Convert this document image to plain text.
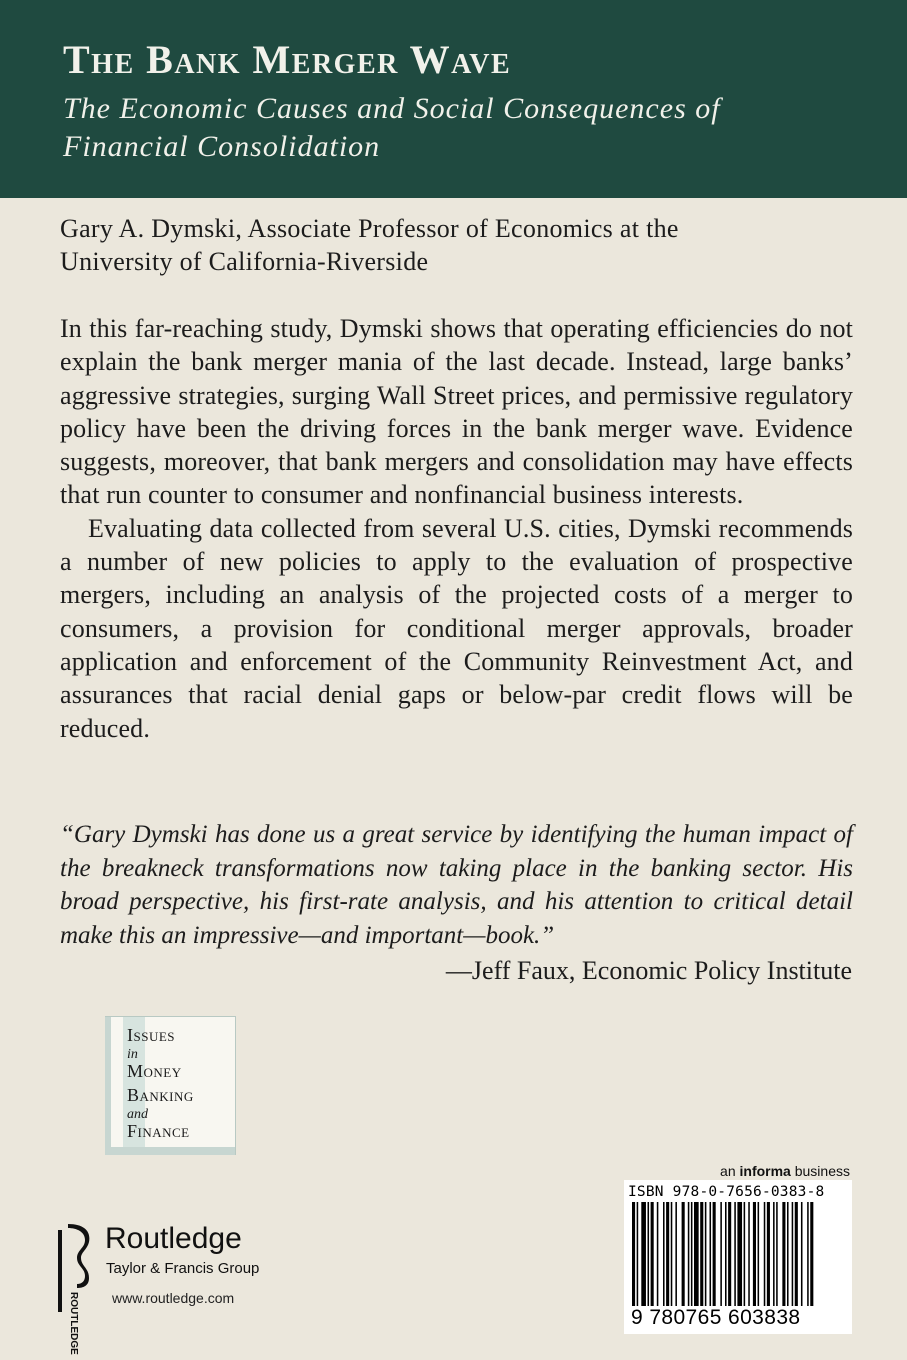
The Bank Merger Wave
The Economic Causes and Social Consequences of
Financial Consolidation
Gary A. Dymski, Associate Professor of Economics at the
University of California-Riverside

In this far-reaching study, Dymski shows that operating efficiencies do not explain the bank merger mania of the last decade. Instead, large banks’ aggressive strategies, surging Wall Street prices, and permissive regulatory policy have been the driving forces in the bank merger wave. Evidence suggests, moreover, that bank mergers and consolidation may have effects that run counter to consumer and nonfinancial business interests.

Evaluating data collected from several U.S. cities, Dymski recommends a number of new policies to apply to the evaluation of prospective mergers, including an analysis of the projected costs of a merger to consumers, a provision for conditional merger approvals, broader application and enforcement of the Community Reinvestment Act, and assurances that racial denial gaps or below-par credit flows will be reduced.

“Gary Dymski has done us a great service by identifying the human impact of the breakneck transformations now taking place in the banking sector. His broad perspective, his first-rate analysis, and his attention to critical detail make this an impressive—and important—book.”

—Jeff Faux, Economic Policy Institute
Issues
in
Money
Banking
and
Finance
ROUTLEDGE
Routledge
Taylor & Francis Group
www.routledge.com
an informa business
ISBN 978-0-7656-0383-8
9 780765 603838
